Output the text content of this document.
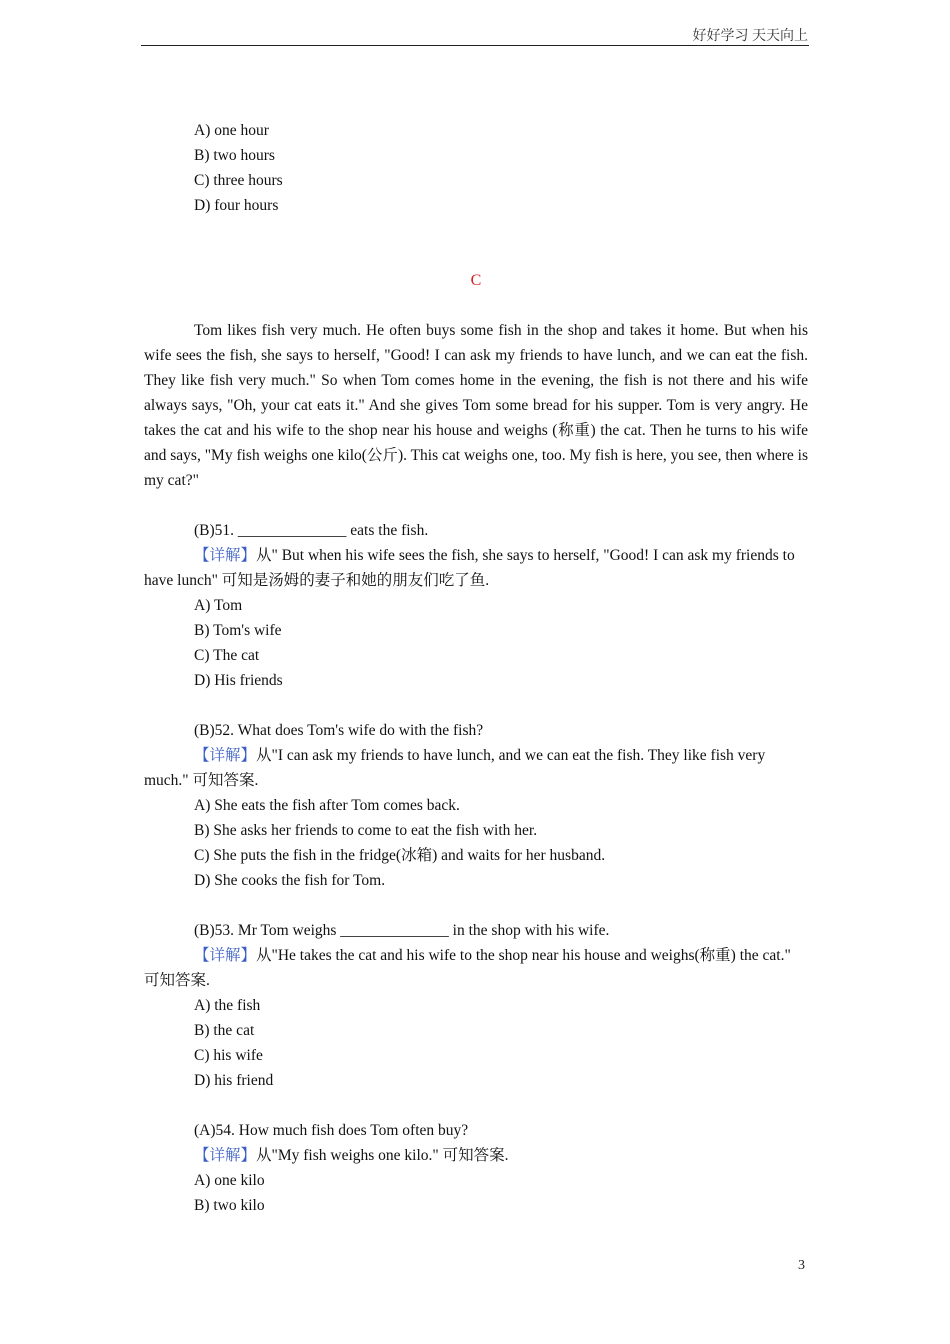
好好学习 天天向上

A) one hour

B) two hours

C) three hours

D) four hours

C

Tom likes fish very much. He often buys some fish in the shop and takes it home. But when his wife sees the fish, she says to herself, "Good! I can ask my friends to have lunch, and we can eat the fish. They like fish very much." So when Tom comes home in the evening, the fish is not there and his wife always says, "Oh, your cat eats it." And she gives Tom some bread for his supper. Tom is very angry. He takes the cat and his wife to the shop near his house and weighs (称重) the cat. Then he turns to his wife and says, "My fish weighs one kilo(公斤). This cat weighs one, too. My fish is here, you see, then where is my cat?"

(B)51. ______________ eats the fish.

【详解】从" But when his wife sees the fish, she says to herself, "Good! I can ask my friends to have lunch" 可知是汤姆的妻子和她的朋友们吃了鱼.

A) Tom

B) Tom's wife

C) The cat

D) His friends

(B)52. What does Tom's wife do with the fish?

【详解】从"I can ask my friends to have lunch, and we can eat the fish. They like fish very much." 可知答案.

A) She eats the fish after Tom comes back.

B) She asks her friends to come to eat the fish with her.

C) She puts the fish in the fridge(冰箱) and waits for her husband.

D) She cooks the fish for Tom.

(B)53. Mr Tom weighs ______________ in the shop with his wife.

【详解】从"He takes the cat and his wife to the shop near his house and weighs(称重) the cat." 可知答案.

A) the fish

B) the cat

C) his wife

D) his friend

(A)54. How much fish does Tom often buy?

【详解】从"My fish weighs one kilo." 可知答案.

A) one kilo

B) two kilo

3
